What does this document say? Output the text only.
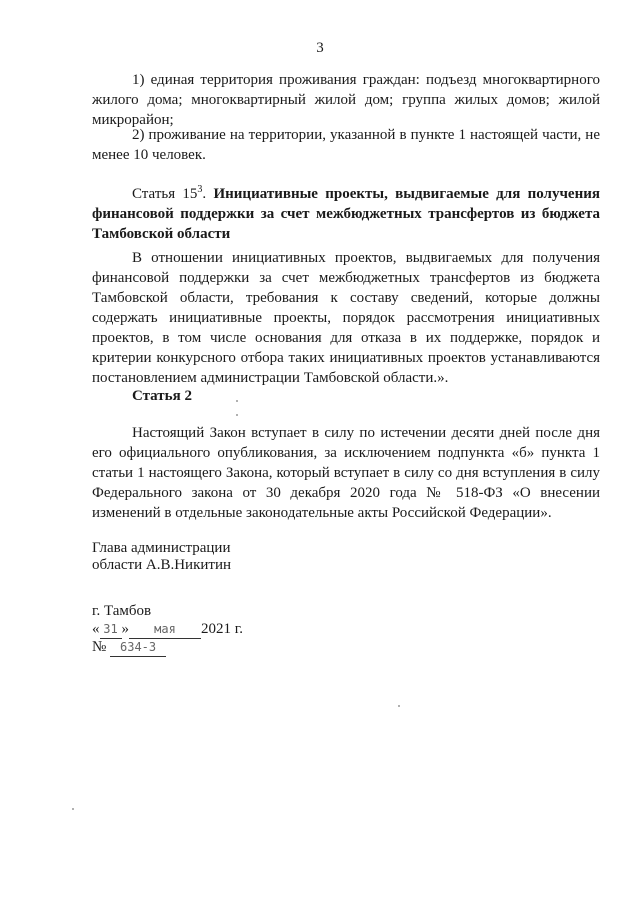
3

1) единая территория проживания граждан: подъезд многоквартирного жилого дома; многоквартирный жилой дом; группа жилых домов; жилой микрорайон;

2) проживание на территории, указанной в пункте 1 настоящей части, не менее 10 человек.

Статья $15^3$. Инициативные проекты, выдвигаемые для получения финансовой поддержки за счет межбюджетных трансфертов из бюджета Тамбовской области

В отношении инициативных проектов, выдвигаемых для получения финансовой поддержки за счет межбюджетных трансфертов из бюджета Тамбовской области, требования к составу сведений, которые должны содержать инициативные проекты, порядок рассмотрения инициативных проектов, в том числе основания для отказа в их поддержке, порядок и критерии конкурсного отбора таких инициативных проектов устанавливаются постановлением администрации Тамбовской области.».

Статья 2

Настоящий Закон вступает в силу по истечении десяти дней после дня его официального опубликования, за исключением подпункта «б» пункта 1 статьи 1 настоящего Закона, который вступает в силу со дня вступления в силу Федерального закона от 30 декабря 2020 года № 518-ФЗ «О внесении изменений в отдельные законодательные акты Российской Федерации».

Глава администрации
области А.В.Никитин
г. Тамбов
« 31 » мая 2021 г.
№ 634-З
